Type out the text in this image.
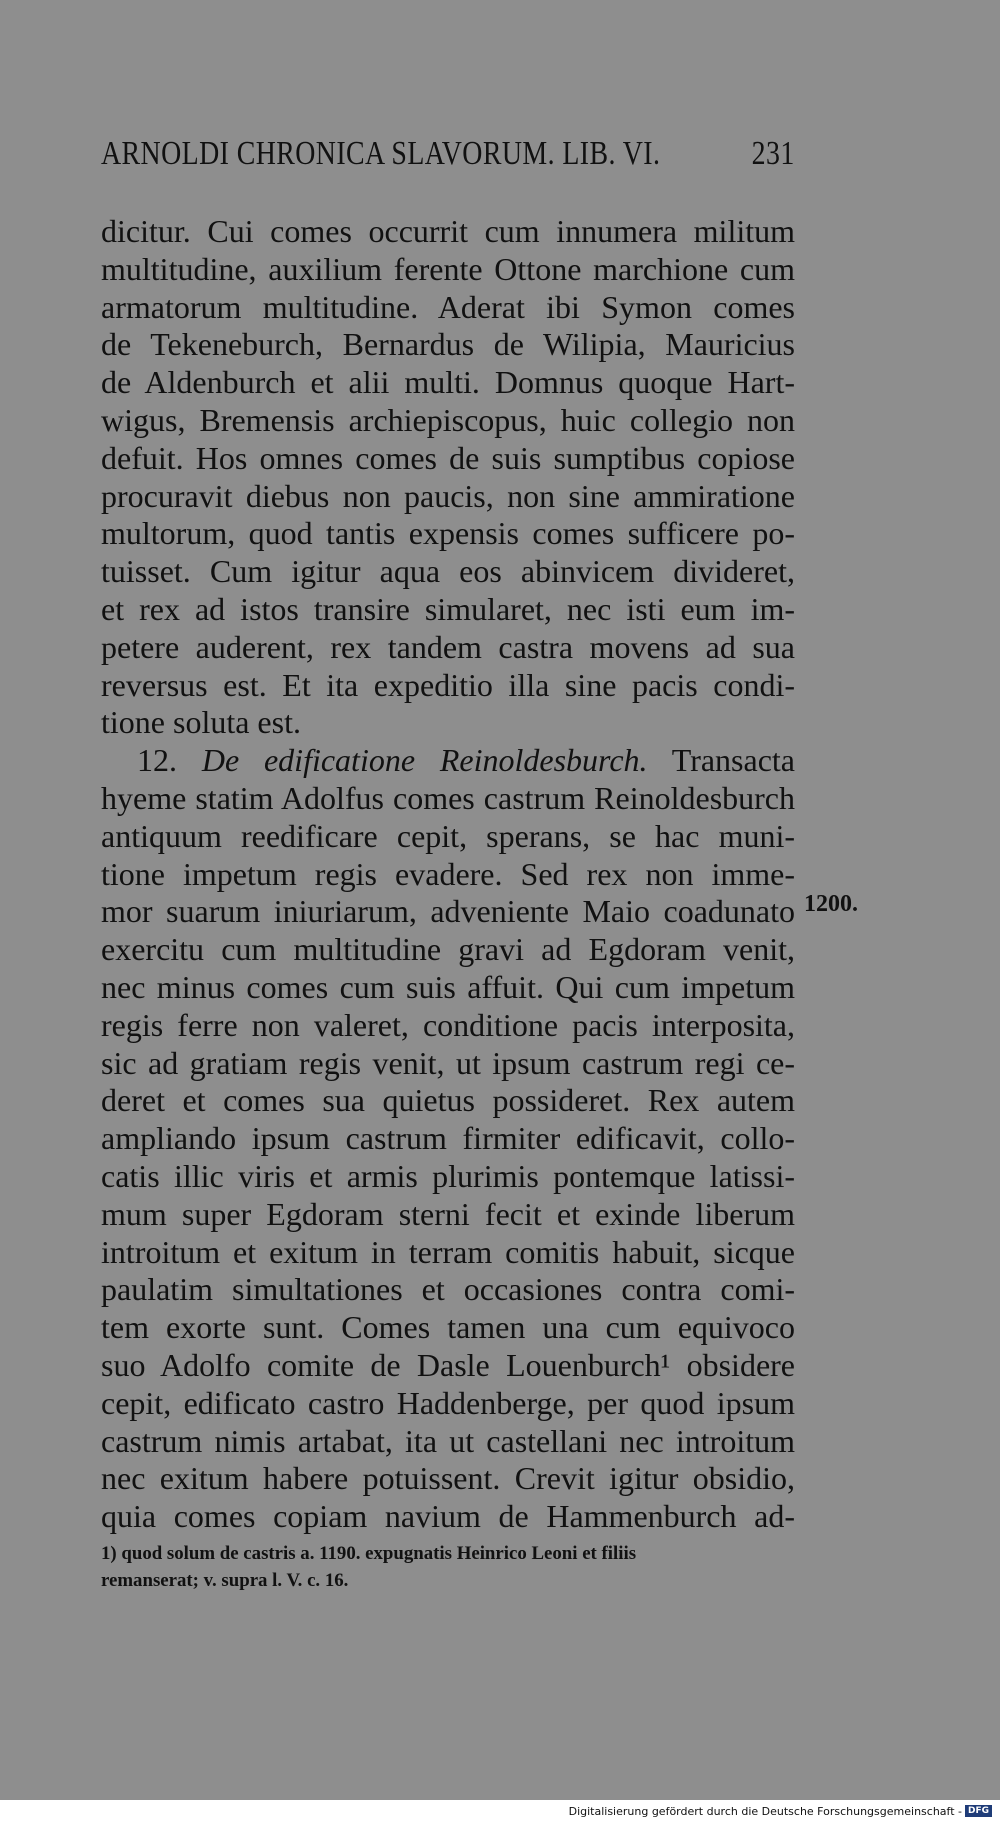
ARNOLDI CHRONICA SLAVORUM. LIB. VI.	231
dicitur. Cui comes occurrit cum innumera militum
multitudine, auxilium ferente Ottone marchione cum
armatorum multitudine. Aderat ibi Symon comes
de Tekeneburch, Bernardus de Wilipia, Mauricius
de Aldenburch et alii multi. Domnus quoque Hart-
wigus, Bremensis archiepiscopus, huic collegio non
defuit. Hos omnes comes de suis sumptibus copiose
procuravit diebus non paucis, non sine ammiratione
multorum, quod tantis expensis comes sufficere po-
tuisset. Cum igitur aqua eos abinvicem divideret,
et rex ad istos transire simularet, nec isti eum im-
petere auderent, rex tandem castra movens ad sua
reversus est. Et ita expeditio illa sine pacis condi-
tione soluta est.
12. De edificatione Reinoldesburch. Transacta
hyeme statim Adolfus comes castrum Reinoldesburch
antiquum reedificare cepit, sperans, se hac muni-
tione impetum regis evadere. Sed rex non imme-
mor suarum iniuriarum, adveniente Maio coadunato
exercitu cum multitudine gravi ad Egdoram venit,
nec minus comes cum suis affuit. Qui cum impetum
regis ferre non valeret, conditione pacis interposita,
sic ad gratiam regis venit, ut ipsum castrum regi ce-
deret et comes sua quietus possideret. Rex autem
ampliando ipsum castrum firmiter edificavit, collo-
catis illic viris et armis plurimis pontemque latissi-
mum super Egdoram sterni fecit et exinde liberum
introitum et exitum in terram comitis habuit, sicque
paulatim simultationes et occasiones contra comi-
tem exorte sunt. Comes tamen una cum equivoco
suo Adolfo comite de Dasle Louenburch¹ obsidere
cepit, edificato castro Haddenberge, per quod ipsum
castrum nimis artabat, ita ut castellani nec introitum
nec exitum habere potuissent. Crevit igitur obsidio,
quia comes copiam navium de Hammenburch ad-
1200.
1) quod solum de castris a. 1190. expugnatis Heinrico Leoni et filiis
remanserat; v. supra l. V. c. 16.
Digitalisierung gefördert durch die Deutsche Forschungsgemeinschaft - DFG
